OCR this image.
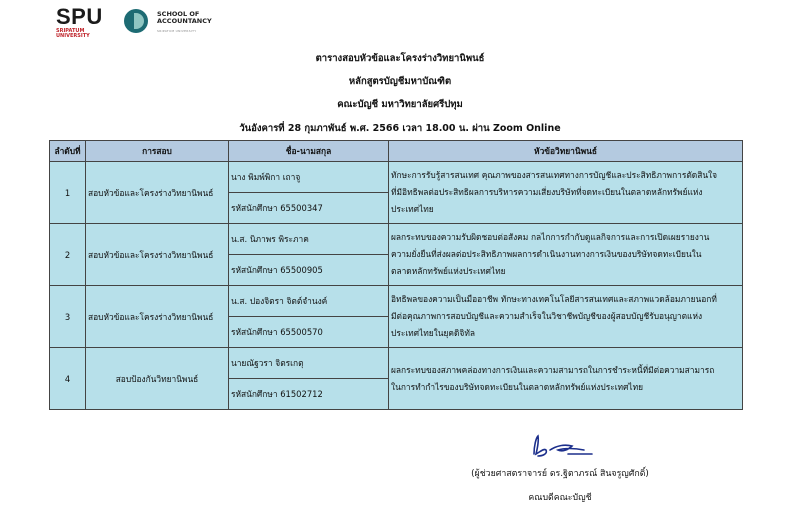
SPU
SRIPATUM UNIVERSITY
SCHOOL OF ACCOUNTANCY
SRIPATUM UNIVERSITY
ตารางสอบหัวข้อและโครงร่างวิทยานิพนธ์
หลักสูตรบัญชีมหาบัณฑิต
คณะบัญชี มหาวิทยาลัยศรีปทุม
วันอังคารที่ 28 กุมภาพันธ์ พ.ศ. 2566 เวลา 18.00 น. ผ่าน Zoom Online
ลำดับที่	การสอบ	ชื่อ-นามสกุล	หัวข้อวิทยานิพนธ์
1	สอบหัวข้อและโครงร่างวิทยานิพนธ์	นาง พิมพ์พิกา เถาจู	ทักษะการรับรู้สารสนเทศ คุณภาพของสารสนเทศทางการบัญชีและประสิทธิภาพการตัดสินใจ
ที่มีอิทธิพลต่อประสิทธิผลการบริหารความเสี่ยงบริษัทที่จดทะเบียนในตลาดหลักทรัพย์แห่ง
ประเทศไทย

		รหัสนักศึกษา 65500347	
2	สอบหัวข้อและโครงร่างวิทยานิพนธ์	น.ส. นิภาพร พิระภาค	ผลกระทบของความรับผิดชอบต่อสังคม กลไกการกำกับดูแลกิจการและการเปิดเผยรายงาน
ความยั่งยืนที่ส่งผลต่อประสิทธิภาพผลการดำเนินงานทางการเงินของบริษัทจดทะเบียนใน
ตลาดหลักทรัพย์แห่งประเทศไทย

		รหัสนักศึกษา 65500905	
3	สอบหัวข้อและโครงร่างวิทยานิพนธ์	น.ส. ปองจิตรา จิตต์จำนงค์	อิทธิพลของความเป็นมืออาชีพ ทักษะทางเทคโนโลยีสารสนเทศและสภาพแวดล้อมภายนอกที่
มีต่อคุณภาพการสอบบัญชีและความสำเร็จในวิชาชีพบัญชีของผู้สอบบัญชีรับอนุญาตแห่ง
ประเทศไทยในยุคดิจิทัล

		รหัสนักศึกษา 65500570	
4	สอบป้องกันวิทยานิพนธ์	นายณัฐวรา จิตรเกตุ	ผลกระทบของสภาพคล่องทางการเงินและความสามารถในการชำระหนี้ที่มีต่อความสามารถ
ในการทำกำไรของบริษัทจดทะเบียนในตลาดหลักทรัพย์แห่งประเทศไทย

		รหัสนักศึกษา 61502712	
(ผู้ช่วยศาสตราจารย์ ดร.ฐิตาภรณ์ สินจรูญศักดิ์)
คณบดีคณะบัญชี
